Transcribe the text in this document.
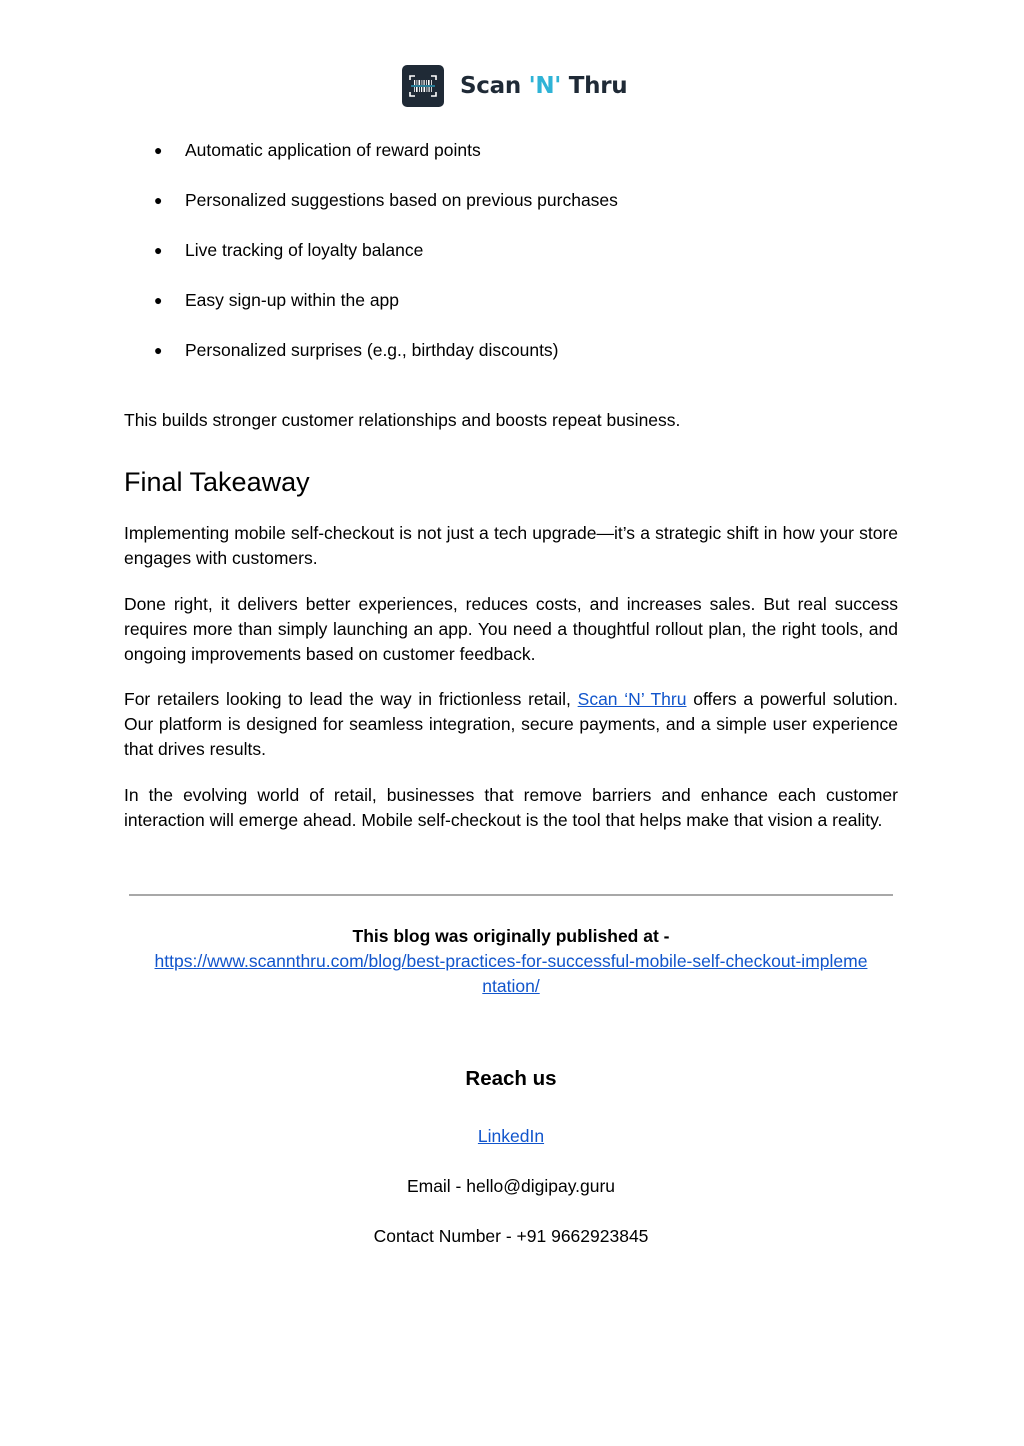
Scan 'N' Thru
● Automatic application of reward points
● Personalized suggestions based on previous purchases
● Live tracking of loyalty balance
● Easy sign-up within the app
● Personalized surprises (e.g., birthday discounts)

This builds stronger customer relationships and boosts repeat business.

Final Takeaway

Implementing mobile self-checkout is not just a tech upgrade—it’s a strategic shift in how your store engages with customers.

Done right, it delivers better experiences, reduces costs, and increases sales. But real success requires more than simply launching an app. You need a thoughtful rollout plan, the right tools, and ongoing improvements based on customer feedback.

For retailers looking to lead the way in frictionless retail, Scan ‘N’ Thru offers a powerful solution. Our platform is designed for seamless integration, secure payments, and a simple user experience that drives results.

In the evolving world of retail, businesses that remove barriers and enhance each customer interaction will emerge ahead. Mobile self-checkout is the tool that helps make that vision a reality.

This blog was originally published at -

https://www.scannthru.com/blog/best-practices-for-successful-mobile-self-checkout-impleme
ntation/

Reach us

LinkedIn

Email - hello@digipay.guru

Contact Number - +91 9662923845
